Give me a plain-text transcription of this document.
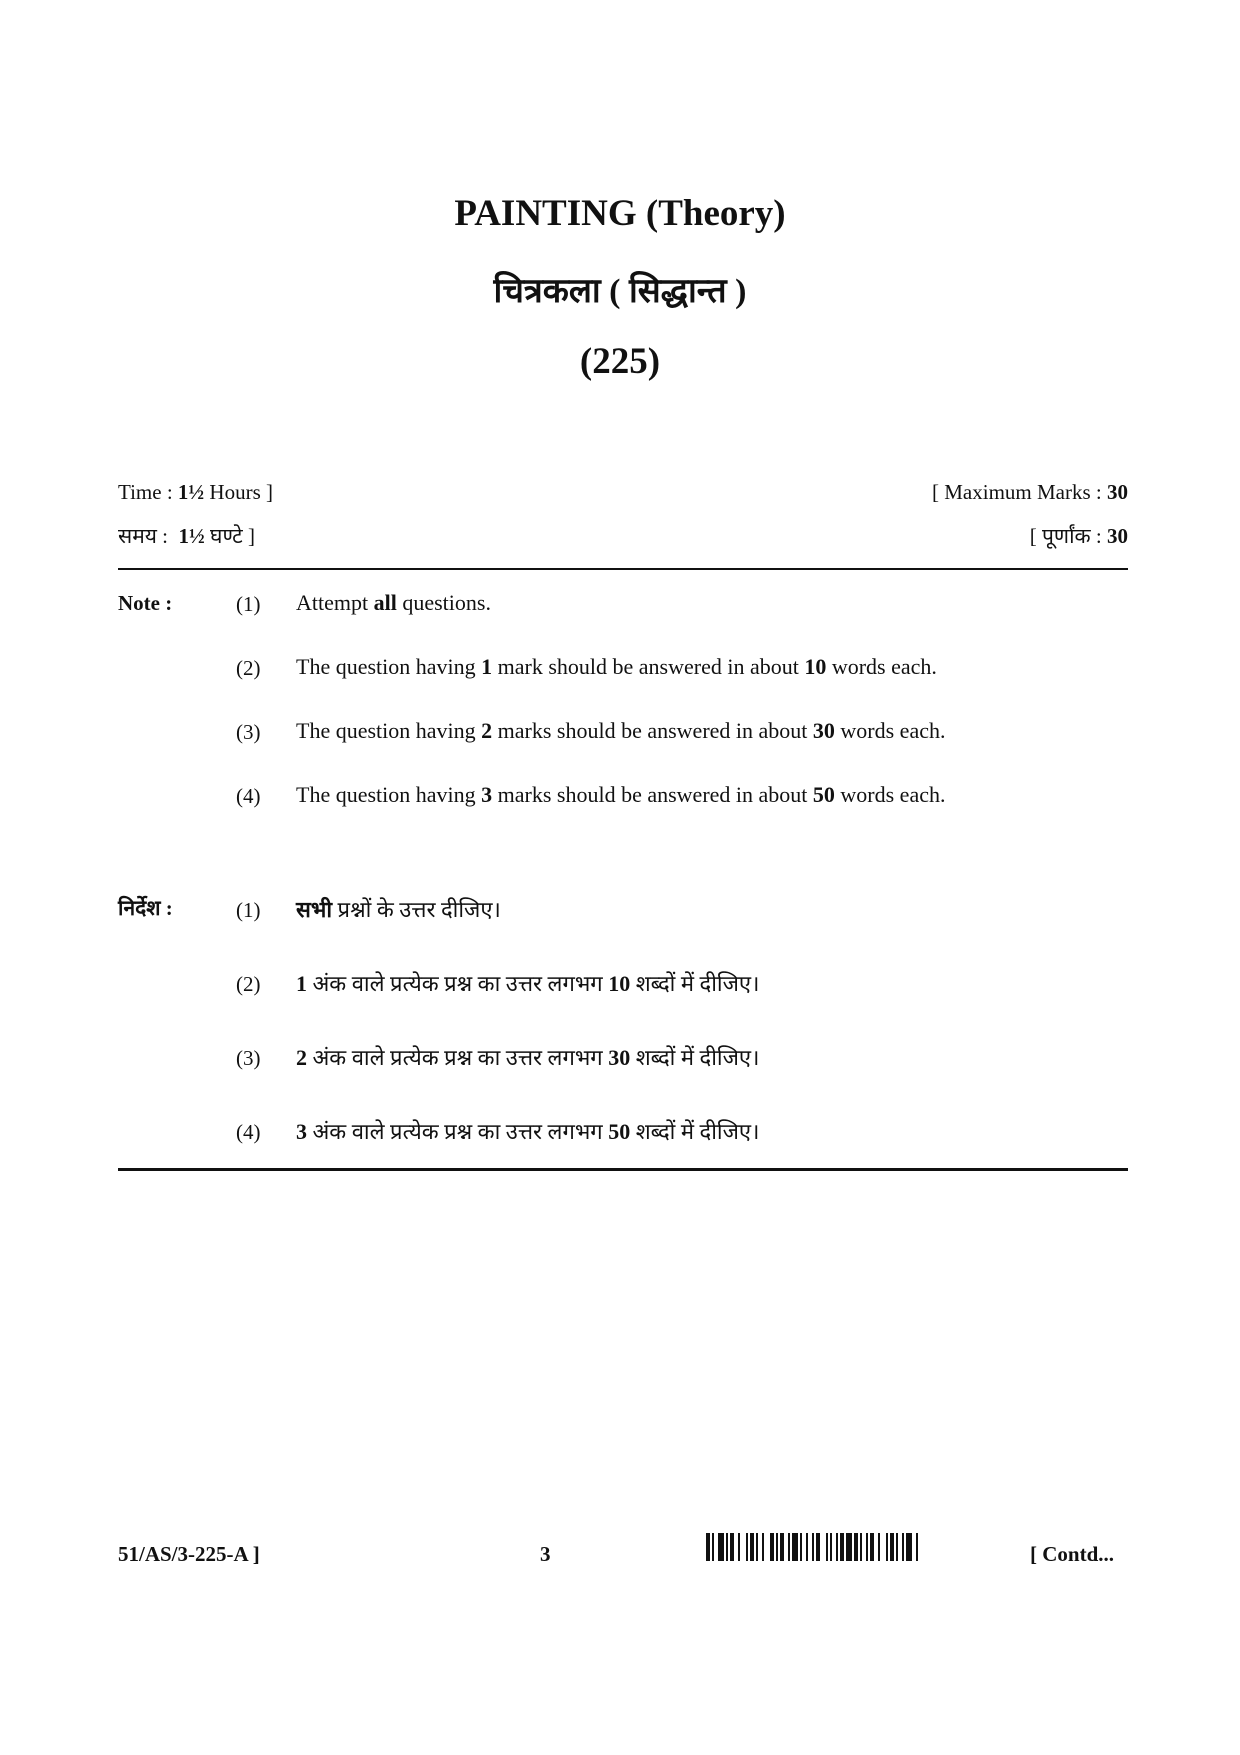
PAINTING (Theory)
चित्रकला ( सिद्धान्त )
(225)
Time : 1½ Hours ]
समय :  1½ घण्टे ]
[ Maximum Marks : 30
[ पूर्णांक : 30
Note :	(1)	Attempt all questions.
(2)	The question having 1 mark should be answered in about 10 words each.
(3)	The question having 2 marks should be answered in about 30 words each.
(4)	The question having 3 marks should be answered in about 50 words each.
निर्देश :	(1)	सभी प्रश्नों के उत्तर दीजिए।
(2)	1 अंक वाले प्रत्येक प्रश्न का उत्तर लगभग 10 शब्दों में दीजिए।
(3)	2 अंक वाले प्रत्येक प्रश्न का उत्तर लगभग 30 शब्दों में दीजिए।
(4)	3 अंक वाले प्रत्येक प्रश्न का उत्तर लगभग 50 शब्दों में दीजिए।
51/AS/3-225-A ]	3	[ Contd...
